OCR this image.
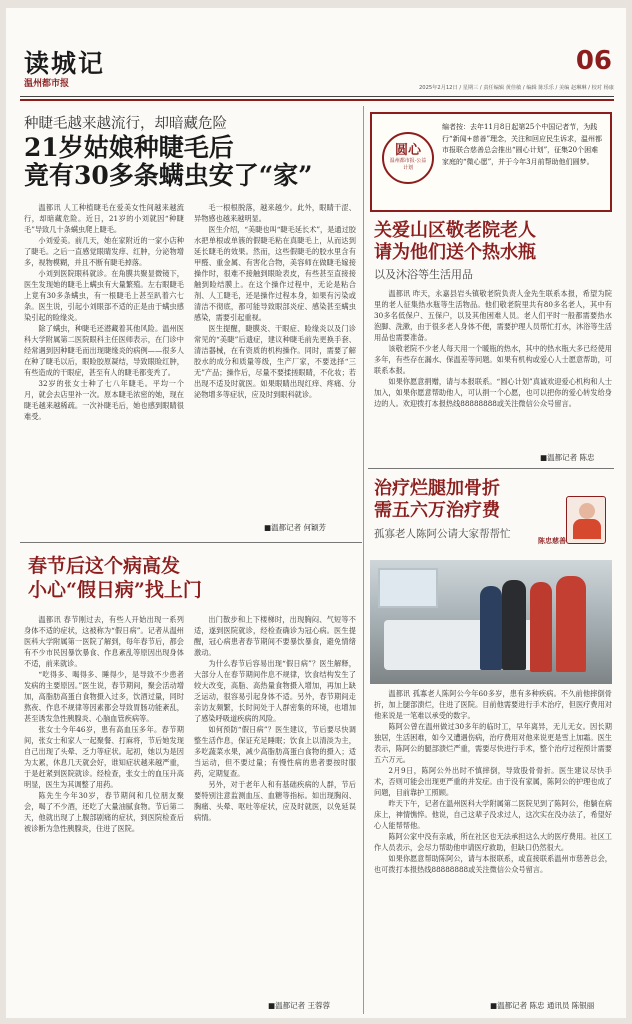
读城记
温州都市报
06
2025年2月12日 / 星期三 / 责任编辑 黄佳敏 / 编辑 陈乐乐 / 美编 赵琳琳 / 校对 杨康
种睫毛越来越流行，却暗藏危险
21岁姑娘种睫毛后
竟有30多条螨虫安了“家”

温都讯 人工种植睫毛在爱美女性间越来越流行，却暗藏危险。近日，21岁的小刘就因“种睫毛”导致几十条螨虫爬上睫毛。

小刘爱美。前几天，她在家附近的一家小店种了睫毛。之后一直感觉眼睛发痒、红肿，分泌物增多，视物模糊，并且不断有睫毛掉落。

小刘到医院眼科就诊。在角膜共聚显微镜下，医生发现她的睫毛上螨虫有大量繁殖。左右眼睫毛上竟有30多条螨虫，有一根睫毛上甚至趴着六七条。医生说，引起小刘眼部不适的正是由于螨虫感染引起的睑缘炎。

除了螨虫，种睫毛还潜藏着其他风险。温州医科大学附属第二医院眼科主任医师表示，在门诊中经常遇到因种睫毛而出现睫缘炎的病例——很多人在种了睫毛以后，眼睑胶原凝结，导致眼睑红肿，有些造成的干眼症，甚至有人的睫毛都变秃了。

32岁的张女士种了七八年睫毛。平均一个月，就会去店里补一次。原本睫毛浓密的她，现在睫毛越来越稀疏。一次补睫毛后，她也感到眼睛很难受。

毛一根根脱落，越来越少。此外，眼睛干涩、异物感也越来越明显。

医生介绍，“美睫也叫“睫毛延长术”，是通过胶水把单根或单簇的假睫毛粘在真睫毛上，从而达到延长睫毛的效果。然而，这些假睫毛的胶水里含有甲醛、重金属、有害化合物，美容师在做睫毛嫁接操作时，很难不接触到眼睑表皮，有些甚至直接接触到睑结膜上。在这个操作过程中，无论是粘合剂、人工睫毛，还是操作过程本身，如果有污染或清洁不彻底，都可能导致眼部炎症、感染甚至螨虫感染，需要引起重视。

医生提醒，睫膜炎、干眼症、睑缘炎以及门诊常见的“美睫”后遗症，建议种睫毛前先更换手套、清洁器械，在有资质的机构操作。同时，需要了解胶水的成分和质量等级，生产厂家，不要选择“三无”产品；操作后，尽量不要揉搓眼睛，不化妆；若出现不适及时就医。如果眼睛出现红痒、疼痛、分泌物增多等症状，应及时到眼科就诊。

■温都记者 何颖芳
春节后这个病高发
小心“假日病”找上门

温都讯 春节刚过去，有些人开始出现一系列身体不适的症状，这被称为“假日病”。记者从温州医科大学附属第一医院了解到，每年春节后，都会有不少市民因暴饮暴食、作息紊乱等原因出现身体不适，前来就诊。

“吃得多、喝得多、睡得少，是导致不少患者发病的主要原因。”医生说，春节期间，聚会活动增加，高脂肪高蛋白食物摄入过多，饮酒过量，同时熬夜、作息不规律等因素都会导致胃肠功能紊乱，甚至诱发急性胰腺炎、心脑血管疾病等。

张女士今年46岁，患有高血压多年。春节期间，张女士和家人一起聚餐、打麻将，节后她发现自己出现了头晕、乏力等症状。起初，她以为是因为太累，休息几天就会好，谁知症状越来越严重，于是赶紧到医院就诊。经检查，张女士的血压升高明显，医生为其调整了用药。

陈先生今年30岁，春节期间和几位朋友聚会，喝了不少酒，还吃了大量油腻食物。节后第二天，他就出现了上腹部剧痛的症状，到医院检查后被诊断为急性胰腺炎，住进了医院。

出门散步和上下楼梯时，出现胸闷、气短等不适，遂到医院就诊，经检查确诊为冠心病。医生提醒，冠心病患者春节期间不要暴饮暴食，避免情绪激动。

为什么春节后容易出现“假日病”？医生解释，大部分人在春节期间作息不规律，饮食结构发生了较大改变，高脂、高热量食物摄入增加，再加上缺乏运动，很容易引起身体不适。另外，春节期间走亲访友频繁，长时间处于人群密集的环境，也增加了感染呼吸道疾病的风险。

如何预防“假日病”？医生建议，节后要尽快调整生活作息，保证充足睡眠；饮食上以清淡为主，多吃蔬菜水果，减少高脂肪高蛋白食物的摄入；适当运动，但不要过量；有慢性病的患者要按时服药，定期复查。

另外，对于老年人和有基础疾病的人群，节后要特别注意监测血压、血糖等指标。如出现胸闷、胸痛、头晕、呕吐等症状，应及时就医，以免延误病情。

■温都记者 王蓉蓉
圆心
温州都市报·公益计划
编者按：去年11月8日起第25个中国记者节，为践行“新闻+慈善”理念，关注和回应民生诉求，温州都市报联合慈善总会推出“圆心计划”，征集20个困难家庭的“微心愿”，并于今年3月前帮助他们圆梦。
关爱山区敬老院老人
请为他们送个热水瓶
以及沐浴等生活用品

温都讯 昨天，永嘉县岩头镇敬老院负责人金先生联系本报，希望为院里的老人征集热水瓶等生活物品。他们敬老院里共有80多名老人，其中有30多名低保户、五保户，以及其他困难人员。老人们平时一般都需要热水泡脚、洗漱，由于很多老人身体不便，需要护理人员帮忙打水，沐浴等生活用品也需要准备。

该敬老院不少老人每天用一个暖瓶的热水，其中的热水瓶大多已经使用多年，有些存在漏水、保温差等问题。如果有机构或爱心人士愿意帮助，可联系本报。

如果你愿意捐赠，请与本报联系。“圆心计划”真诚欢迎爱心机构和人士加入，如果你愿意帮助他人，可认捐一个心愿，也可以把你的爱心转发给身边的人。欢迎拨打本报热线88888888或关注微信公众号留言。

■温都记者 陈忠
治疗烂腿加骨折
需五六万治疗费
孤寡老人陈阿公请大家帮帮忙
陈忠慈善

温都讯 孤寡老人陈阿公今年60多岁，患有多种疾病。不久前他摔倒骨折，加上腿部溃烂，住进了医院。目前他需要进行手术治疗，但医疗费用对他来说是一笔难以承受的数字。

陈阿公曾在温州做过30多年的临时工，早年离异，无儿无女。因长期独居，生活困难，如今又遭遇伤病，治疗费用对他来说更是雪上加霜。医生表示，陈阿公的腿部溃烂严重，需要尽快进行手术，整个治疗过程预计需要五六万元。

2月9日，陈阿公外出时不慎摔倒，导致股骨骨折。医生建议尽快手术，否则可能会出现更严重的并发症。由于没有家属，陈阿公的护理也成了问题，目前靠护工照顾。

昨天下午，记者在温州医科大学附属第二医院见到了陈阿公，他躺在病床上，神情憔悴。他说，自己这辈子没求过人，这次实在没办法了，希望好心人能帮帮他。

陈阿公家中没有亲戚，所在社区也无法承担这么大的医疗费用。社区工作人员表示，会尽力帮助他申请医疗救助，但缺口仍然很大。

如果你愿意帮助陈阿公，请与本报联系，或直接联系温州市慈善总会，也可拨打本报热线88888888或关注微信公众号留言。

■温都记者 陈忠 通讯员 陈银丽
